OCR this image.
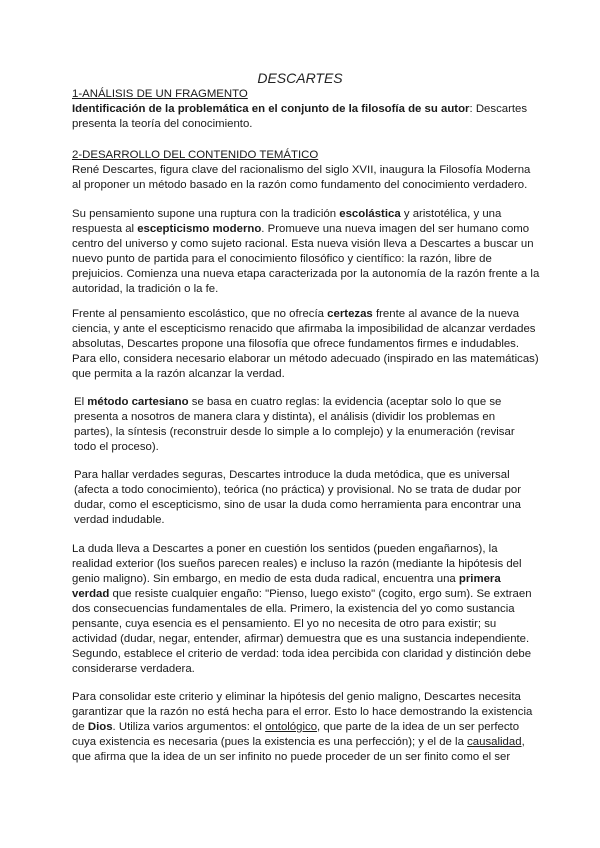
DESCARTES
1-ANÁLISIS DE UN FRAGMENTO
Identificación de la problemática en el conjunto de la filosofía de su autor: Descartes
presenta la teoría del conocimiento.
2-DESARROLLO DEL CONTENIDO TEMÁTICO
René Descartes, figura clave del racionalismo del siglo XVII, inaugura la Filosofía Moderna
al proponer un método basado en la razón como fundamento del conocimiento verdadero.
Su pensamiento supone una ruptura con la tradición escolástica y aristotélica, y una
respuesta al escepticismo moderno. Promueve una nueva imagen del ser humano como
centro del universo y como sujeto racional. Esta nueva visión lleva a Descartes a buscar un
nuevo punto de partida para el conocimiento filosófico y científico: la razón, libre de
prejuicios. Comienza una nueva etapa caracterizada por la autonomía de la razón frente a la
autoridad, la tradición o la fe.
Frente al pensamiento escolástico, que no ofrecía certezas frente al avance de la nueva
ciencia, y ante el escepticismo renacido que afirmaba la imposibilidad de alcanzar verdades
absolutas, Descartes propone una filosofía que ofrece fundamentos firmes e indudables.
Para ello, considera necesario elaborar un método adecuado (inspirado en las matemáticas)
que permita a la razón alcanzar la verdad.
El método cartesiano se basa en cuatro reglas: la evidencia (aceptar solo lo que se
presenta a nosotros de manera clara y distinta), el análisis (dividir los problemas en
partes), la síntesis (reconstruir desde lo simple a lo complejo) y la enumeración (revisar
todo el proceso).
Para hallar verdades seguras, Descartes introduce la duda metódica, que es universal
(afecta a todo conocimiento), teórica (no práctica) y provisional. No se trata de dudar por
dudar, como el escepticismo, sino de usar la duda como herramienta para encontrar una
verdad indudable.
La duda lleva a Descartes a poner en cuestión los sentidos (pueden engañarnos), la
realidad exterior (los sueños parecen reales) e incluso la razón (mediante la hipótesis del
genio maligno). Sin embargo, en medio de esta duda radical, encuentra una primera
verdad que resiste cualquier engaño: "Pienso, luego existo" (cogito, ergo sum). Se extraen
dos consecuencias fundamentales de ella. Primero, la existencia del yo como sustancia
pensante, cuya esencia es el pensamiento. El yo no necesita de otro para existir; su
actividad (dudar, negar, entender, afirmar) demuestra que es una sustancia independiente.
Segundo, establece el criterio de verdad: toda idea percibida con claridad y distinción debe
considerarse verdadera.
Para consolidar este criterio y eliminar la hipótesis del genio maligno, Descartes necesita
garantizar que la razón no está hecha para el error. Esto lo hace demostrando la existencia
de Dios. Utiliza varios argumentos: el ontológico, que parte de la idea de un ser perfecto
cuya existencia es necesaria (pues la existencia es una perfección); y el de la causalidad,
que afirma que la idea de un ser infinito no puede proceder de un ser finito como el ser
